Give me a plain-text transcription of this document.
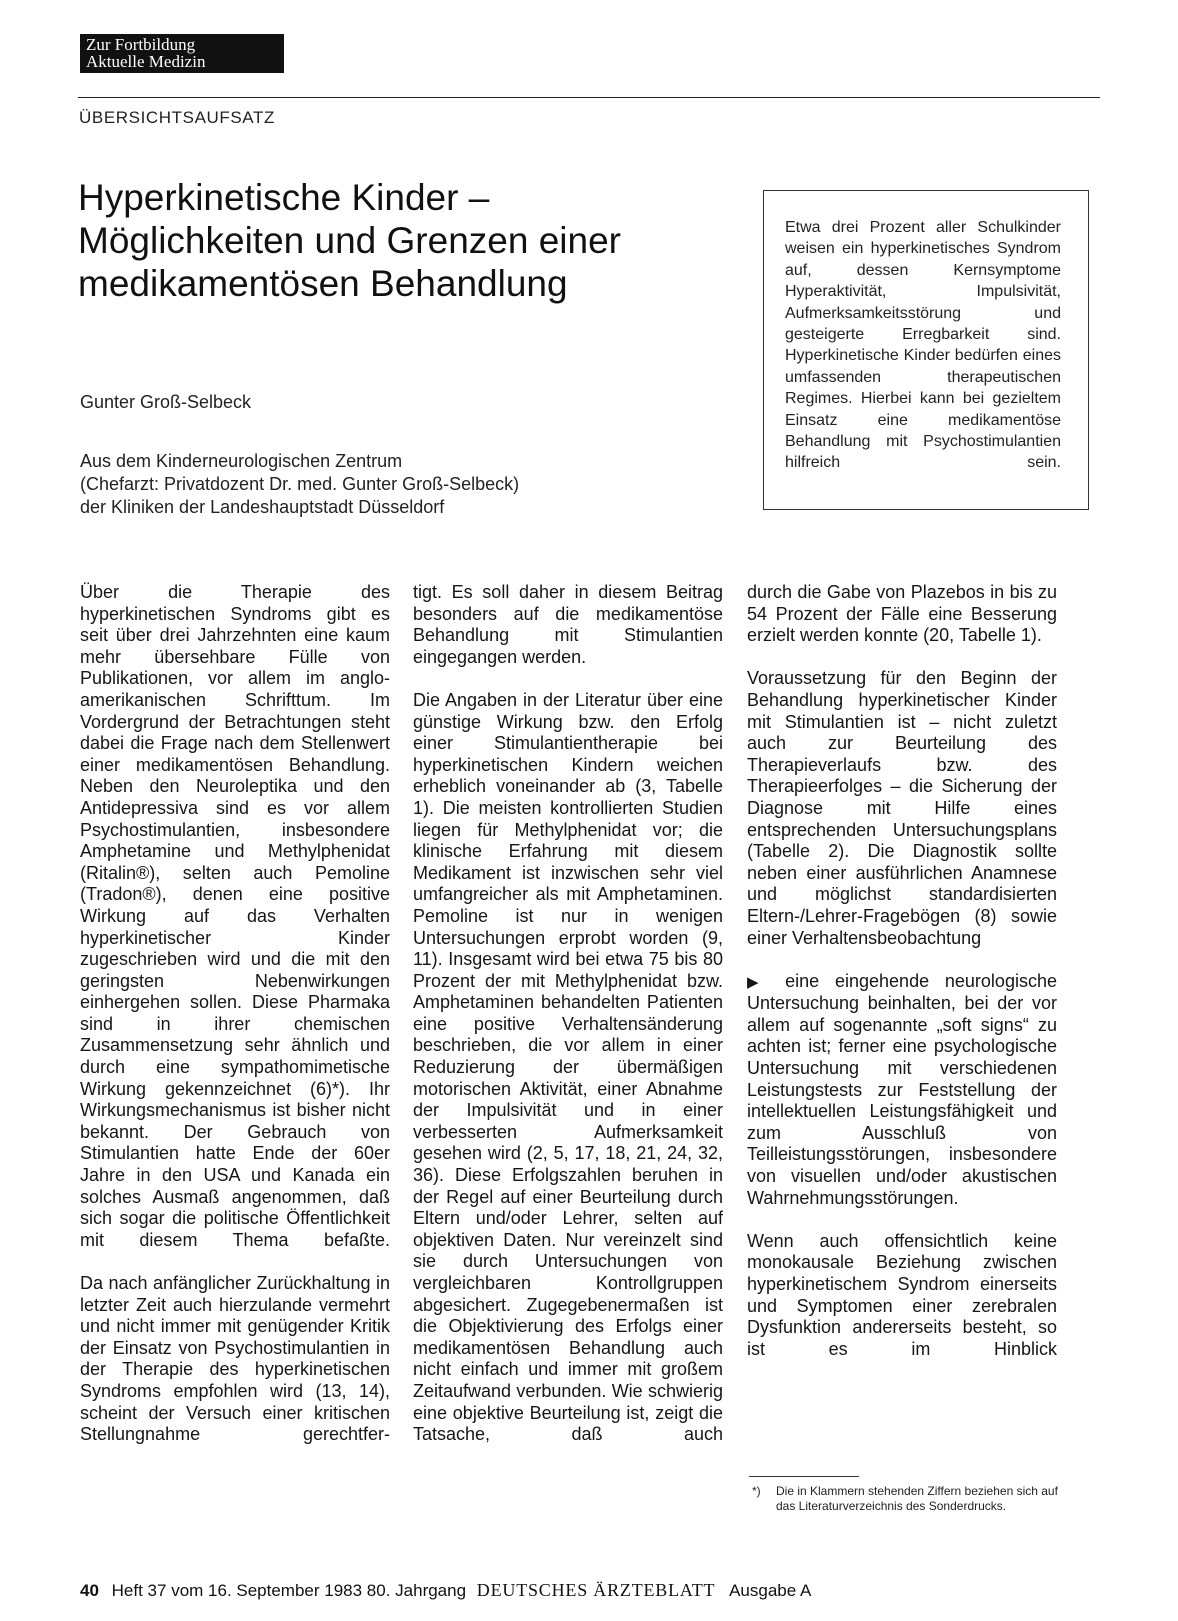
Zur Fortbildung
Aktuelle Medizin
ÜBERSICHTSAUFSATZ
Hyperkinetische Kinder –
Möglichkeiten und Grenzen einer
medikamentösen Behandlung
Gunter Groß-Selbeck
Aus dem Kinderneurologischen Zentrum
(Chefarzt: Privatdozent Dr. med. Gunter Groß-Selbeck)
der Kliniken der Landeshauptstadt Düsseldorf
Etwa drei Prozent aller Schulkinder weisen ein hyperkinetisches Syndrom auf, dessen Kernsymptome Hyperaktivität, Impulsivität, Aufmerksamkeitsstörung und gesteigerte Erregbarkeit sind. Hyperkinetische Kinder bedürfen eines umfassenden therapeutischen Regimes. Hierbei kann bei gezieltem Einsatz eine medikamentöse Behandlung mit Psychostimulantien hilfreich sein.

Über die Therapie des hyperkinetischen Syndroms gibt es seit über drei Jahrzehnten eine kaum mehr übersehbare Fülle von Publikationen, vor allem im anglo-amerikanischen Schrifttum. Im Vordergrund der Betrachtungen steht dabei die Frage nach dem Stellenwert einer medikamentösen Behandlung. Neben den Neuroleptika und den Antidepressiva sind es vor allem Psychostimulantien, insbesondere Amphetamine und Methylphenidat (Ritalin®), selten auch Pemoline (Tradon®), denen eine positive Wirkung auf das Verhalten hyperkinetischer Kinder zugeschrieben wird und die mit den geringsten Nebenwirkungen einhergehen sollen. Diese Pharmaka sind in ihrer chemischen Zusammensetzung sehr ähnlich und durch eine sympathomimetische Wirkung gekennzeichnet (6)*). Ihr Wirkungsmechanismus ist bisher nicht bekannt. Der Gebrauch von Stimulantien hatte Ende der 60er Jahre in den USA und Kanada ein solches Ausmaß angenommen, daß sich sogar die politische Öffentlichkeit mit diesem Thema befaßte.

Da nach anfänglicher Zurückhaltung in letzter Zeit auch hierzulande vermehrt und nicht immer mit genügender Kritik der Einsatz von Psychostimulantien in der Therapie des hyperkinetischen Syndroms empfohlen wird (13, 14), scheint der Versuch einer kritischen Stellungnahme gerechtfer-

tigt. Es soll daher in diesem Beitrag besonders auf die medikamentöse Behandlung mit Stimulantien eingegangen werden.

Die Angaben in der Literatur über eine günstige Wirkung bzw. den Erfolg einer Stimulantientherapie bei hyperkinetischen Kindern weichen erheblich voneinander ab (3, Tabelle 1). Die meisten kontrollierten Studien liegen für Methylphenidat vor; die klinische Erfahrung mit diesem Medikament ist inzwischen sehr viel umfangreicher als mit Amphetaminen. Pemoline ist nur in wenigen Untersuchungen erprobt worden (9, 11). Insgesamt wird bei etwa 75 bis 80 Prozent der mit Methylphenidat bzw. Amphetaminen behandelten Patienten eine positive Verhaltensänderung beschrieben, die vor allem in einer Reduzierung der übermäßigen motorischen Aktivität, einer Abnahme der Impulsivität und in einer verbesserten Aufmerksamkeit gesehen wird (2, 5, 17, 18, 21, 24, 32, 36). Diese Erfolgszahlen beruhen in der Regel auf einer Beurteilung durch Eltern und/oder Lehrer, selten auf objektiven Daten. Nur vereinzelt sind sie durch Untersuchungen von vergleichbaren Kontrollgruppen abgesichert. Zugegebenermaßen ist die Objektivierung des Erfolgs einer medikamentösen Behandlung auch nicht einfach und immer mit großem Zeitaufwand verbunden. Wie schwierig eine objektive Beurteilung ist, zeigt die Tatsache, daß auch

durch die Gabe von Plazebos in bis zu 54 Prozent der Fälle eine Besserung erzielt werden konnte (20, Tabelle 1).

Voraussetzung für den Beginn der Behandlung hyperkinetischer Kinder mit Stimulantien ist – nicht zuletzt auch zur Beurteilung des Therapieverlaufs bzw. des Therapieerfolges – die Sicherung der Diagnose mit Hilfe eines entsprechenden Untersuchungsplans (Tabelle 2). Die Diagnostik sollte neben einer ausführlichen Anamnese und möglichst standardisierten Eltern-/Lehrer-Fragebögen (8) sowie einer Verhaltensbeobachtung

▶ eine eingehende neurologische Untersuchung beinhalten, bei der vor allem auf sogenannte „soft signs“ zu achten ist; ferner eine psychologische Untersuchung mit verschiedenen Leistungstests zur Feststellung der intellektuellen Leistungsfähigkeit und zum Ausschluß von Teilleistungsstörungen, insbesondere von visuellen und/oder akustischen Wahrnehmungsstörungen.

Wenn auch offensichtlich keine monokausale Beziehung zwischen hyperkinetischem Syndrom einerseits und Symptomen einer zerebralen Dysfunktion andererseits besteht, so ist es im Hinblick

*) Die in Klammern stehenden Ziffern beziehen sich auf das Literaturverzeichnis des Sonderdrucks.
40 Heft 37 vom 16. September 1983 80. Jahrgang DEUTSCHES ÄRZTEBLATT Ausgabe A
